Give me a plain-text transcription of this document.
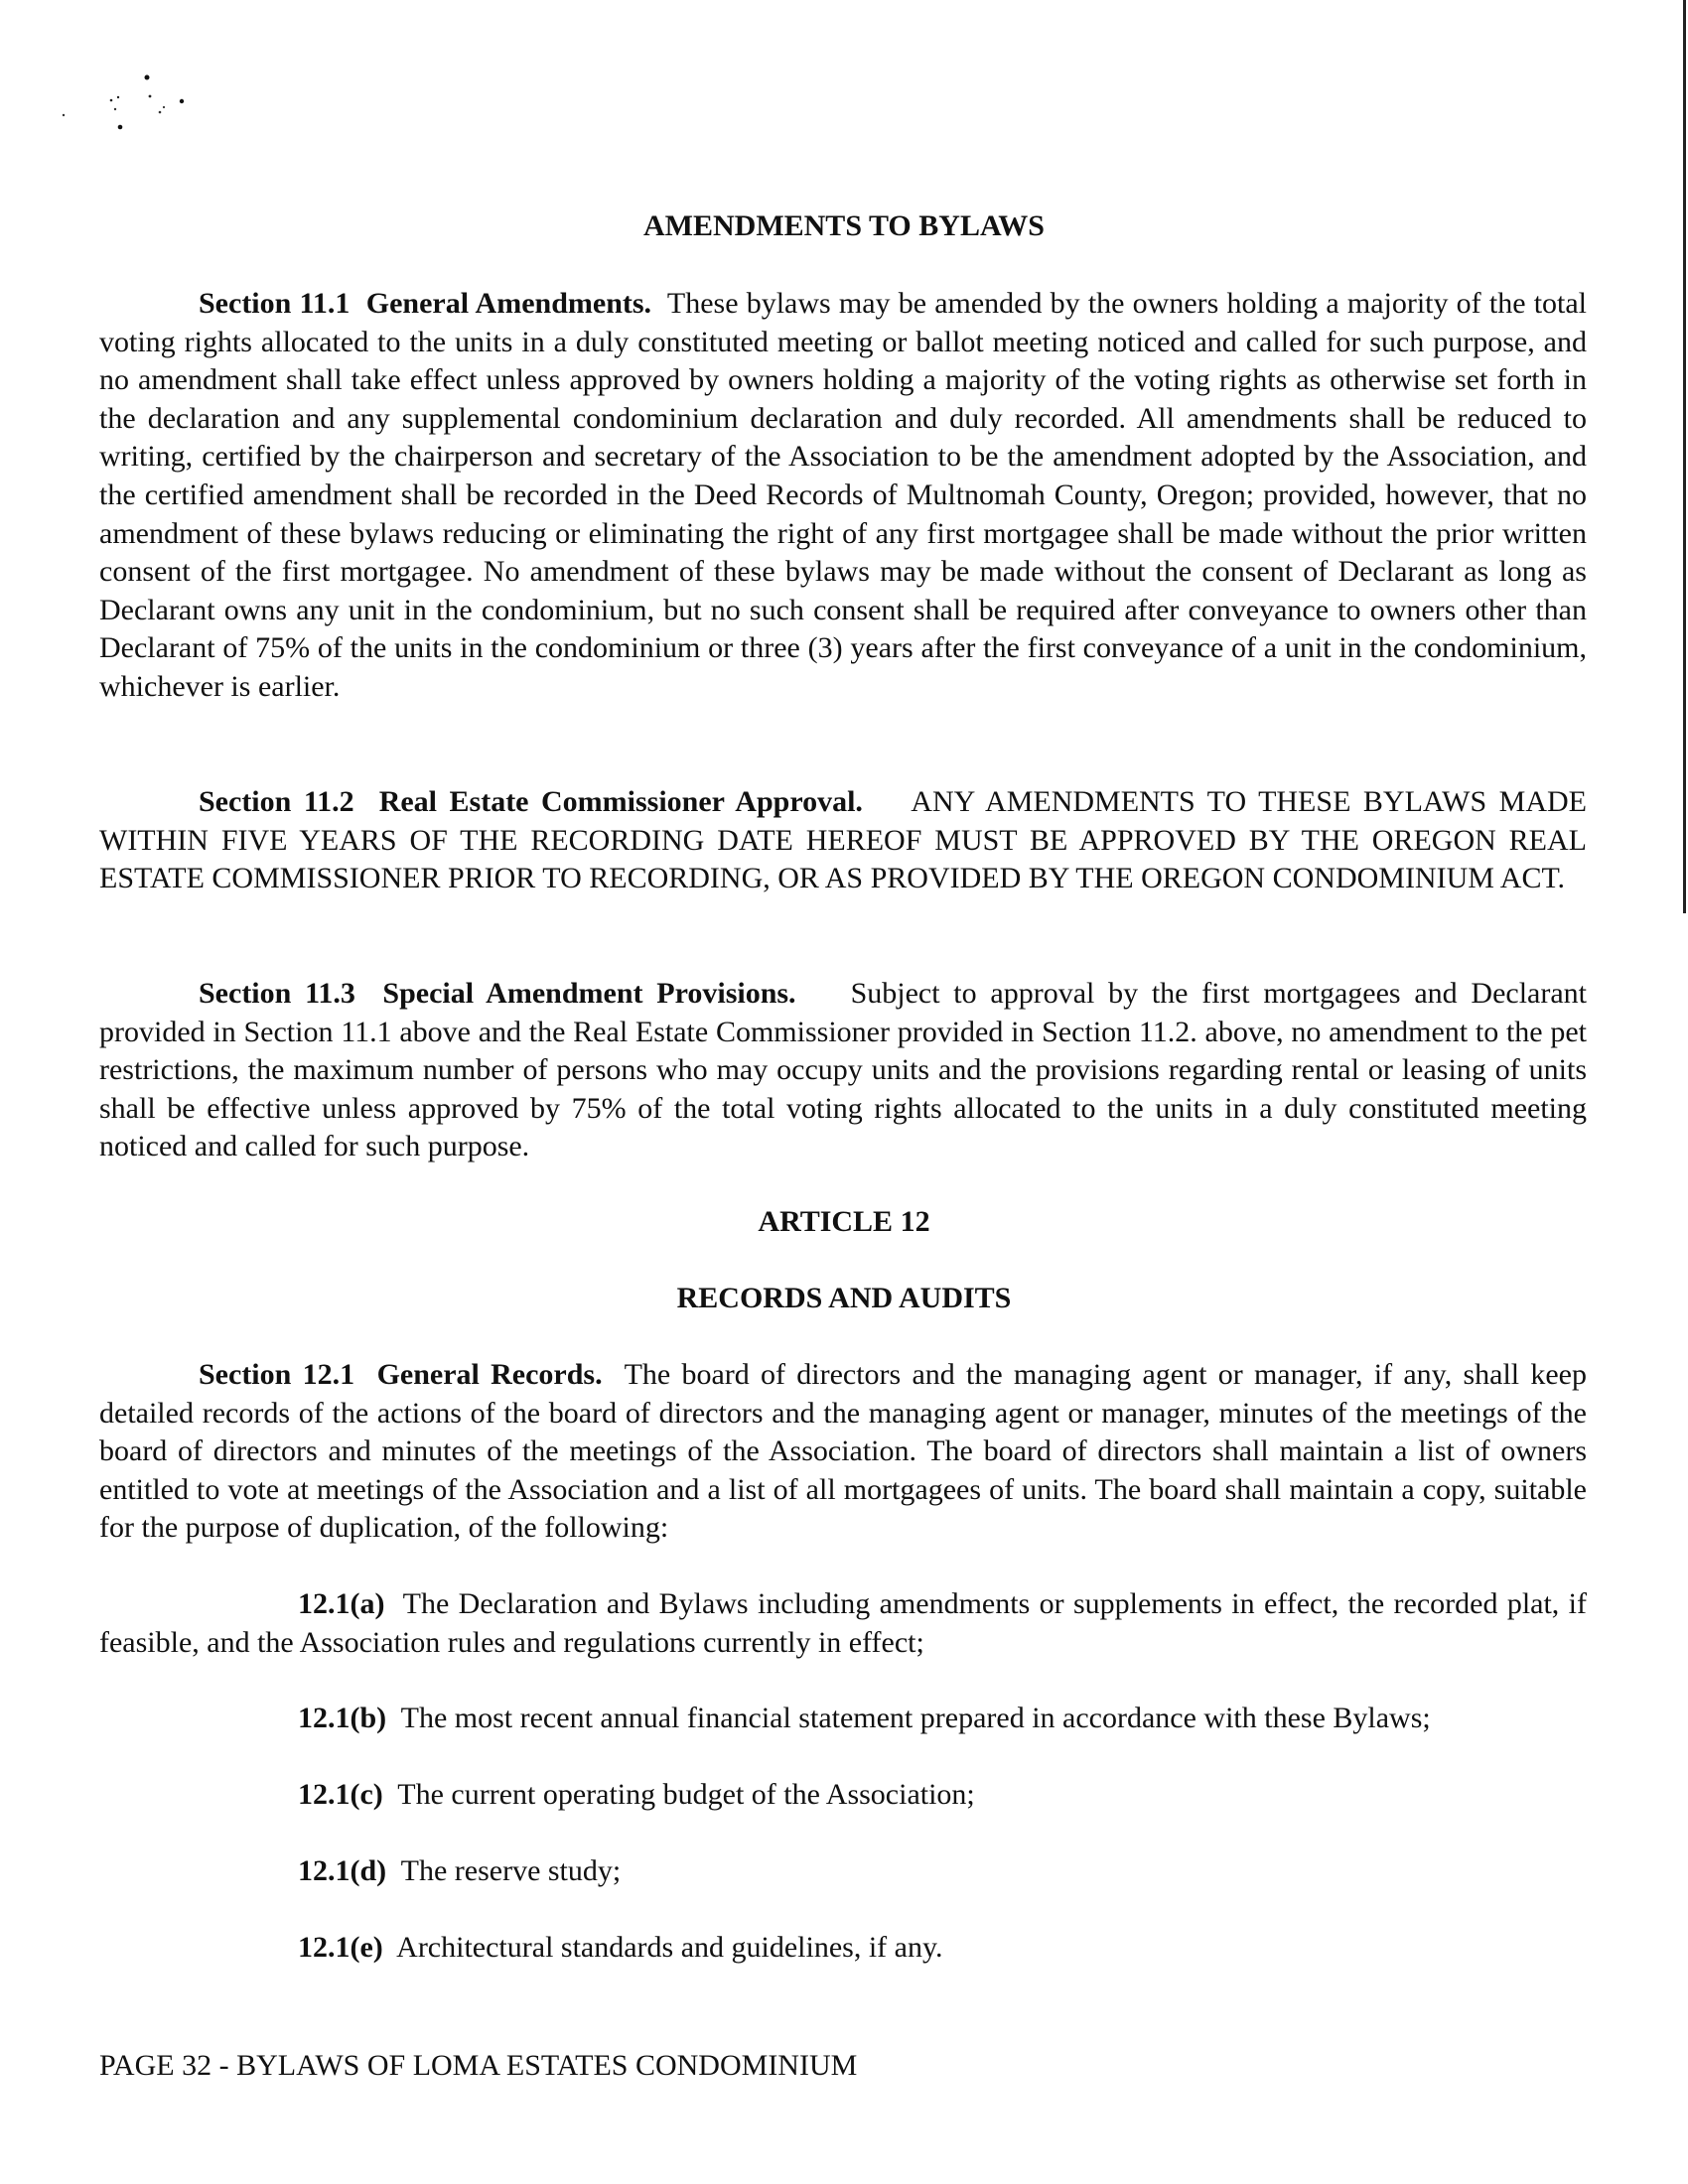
AMENDMENTS TO BYLAWS

Section 11.1 General Amendments. These bylaws may be amended by the owners holding a majority of the total voting rights allocated to the units in a duly constituted meeting or ballot meeting noticed and called for such purpose, and no amendment shall take effect unless approved by owners holding a majority of the voting rights as otherwise set forth in the declaration and any supplemental condominium declaration and duly recorded. All amendments shall be reduced to writing, certified by the chairperson and secretary of the Association to be the amendment adopted by the Association, and the certified amendment shall be recorded in the Deed Records of Multnomah County, Oregon; provided, however, that no amendment of these bylaws reducing or eliminating the right of any first mortgagee shall be made without the prior written consent of the first mortgagee. No amendment of these bylaws may be made without the consent of Declarant as long as Declarant owns any unit in the condominium, but no such consent shall be required after conveyance to owners other than Declarant of 75% of the units in the condominium or three (3) years after the first conveyance of a unit in the condominium, whichever is earlier.

Section 11.2 Real Estate Commissioner Approval. ANY AMENDMENTS TO THESE BYLAWS MADE WITHIN FIVE YEARS OF THE RECORDING DATE HEREOF MUST BE APPROVED BY THE OREGON REAL ESTATE COMMISSIONER PRIOR TO RECORDING, OR AS PROVIDED BY THE OREGON CONDOMINIUM ACT.

Section 11.3 Special Amendment Provisions. Subject to approval by the first mortgagees and Declarant provided in Section 11.1 above and the Real Estate Commissioner provided in Section 11.2. above, no amendment to the pet restrictions, the maximum number of persons who may occupy units and the provisions regarding rental or leasing of units shall be effective unless approved by 75% of the total voting rights allocated to the units in a duly constituted meeting noticed and called for such purpose.

ARTICLE 12
RECORDS AND AUDITS

Section 12.1 General Records. The board of directors and the managing agent or manager, if any, shall keep detailed records of the actions of the board of directors and the managing agent or manager, minutes of the meetings of the board of directors and minutes of the meetings of the Association. The board of directors shall maintain a list of owners entitled to vote at meetings of the Association and a list of all mortgagees of units. The board shall maintain a copy, suitable for the purpose of duplication, of the following:

12.1(a) The Declaration and Bylaws including amendments or supplements in effect, the recorded plat, if feasible, and the Association rules and regulations currently in effect;

12.1(b) The most recent annual financial statement prepared in accordance with these Bylaws;

12.1(c) The current operating budget of the Association;

12.1(d) The reserve study;

12.1(e) Architectural standards and guidelines, if any.

PAGE 32 - BYLAWS OF LOMA ESTATES CONDOMINIUM
